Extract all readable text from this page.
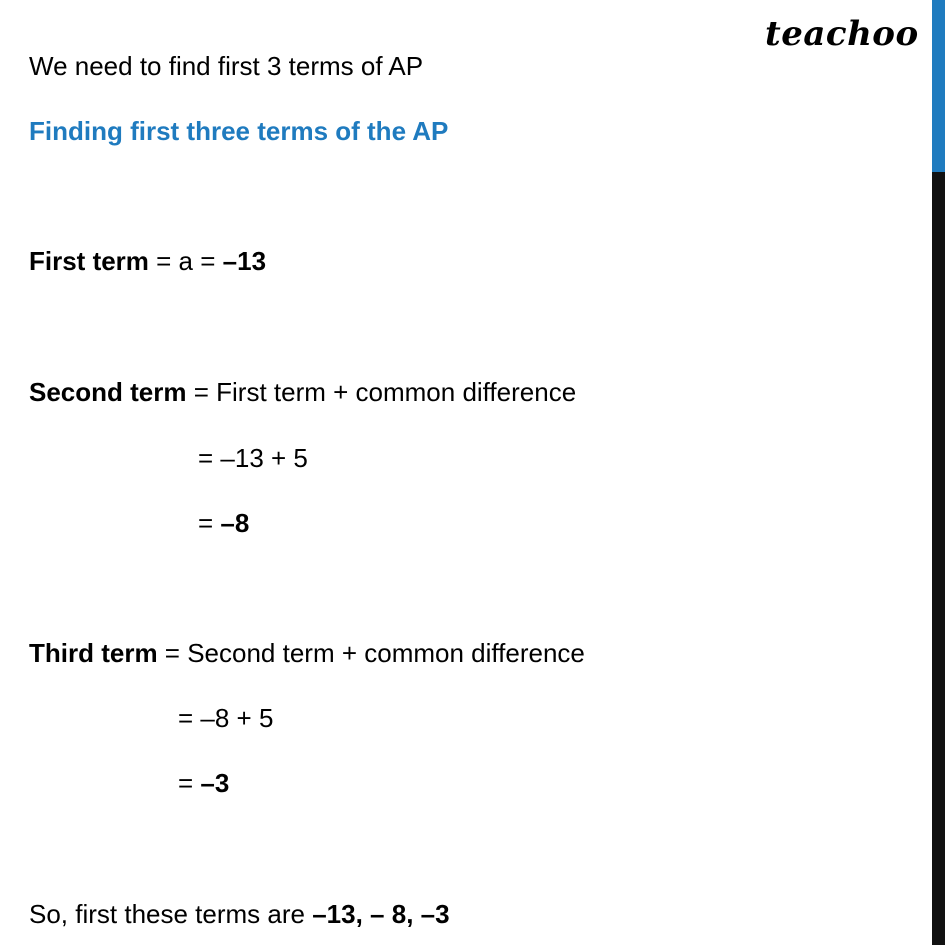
teachoo
We need to find first 3 terms of AP
Finding first three terms of the AP
First term = a = –13
Second term = First term + common difference
= –13 + 5
= –8
Third term = Second term + common difference
= –8 + 5
= –3
So, first these terms are –13, – 8, –3
